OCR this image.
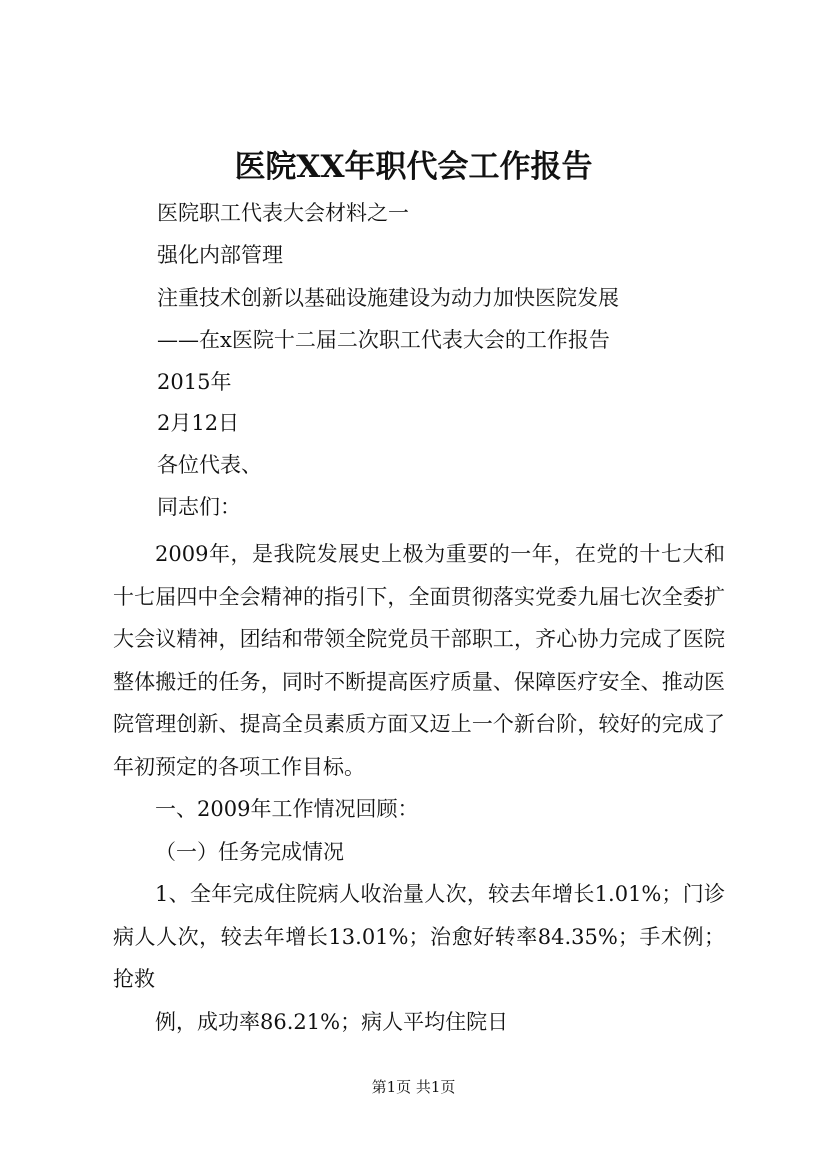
医院XX年职代会工作报告
医院职工代表大会材料之一
强化内部管理
注重技术创新以基础设施建设为动力加快医院发展
——在x医院十二届二次职工代表大会的工作报告
2015年
2月12日
各位代表、
同志们：

2009年，是我院发展史上极为重要的一年，在党的十七大和十七届四中全会精神的指引下，全面贯彻落实党委九届七次全委扩大会议精神，团结和带领全院党员干部职工，齐心协力完成了医院整体搬迁的任务，同时不断提高医疗质量、保障医疗安全、推动医院管理创新、提高全员素质方面又迈上一个新台阶，较好的完成了年初预定的各项工作目标。

一、2009年工作情况回顾：

（一）任务完成情况

1、全年完成住院病人收治量人次，较去年增长1.01%；门诊病人人次，较去年增长13.01%；治愈好转率84.35%；手术例；抢救

例，成功率86.21%；病人平均住院日

第1页 共1页
